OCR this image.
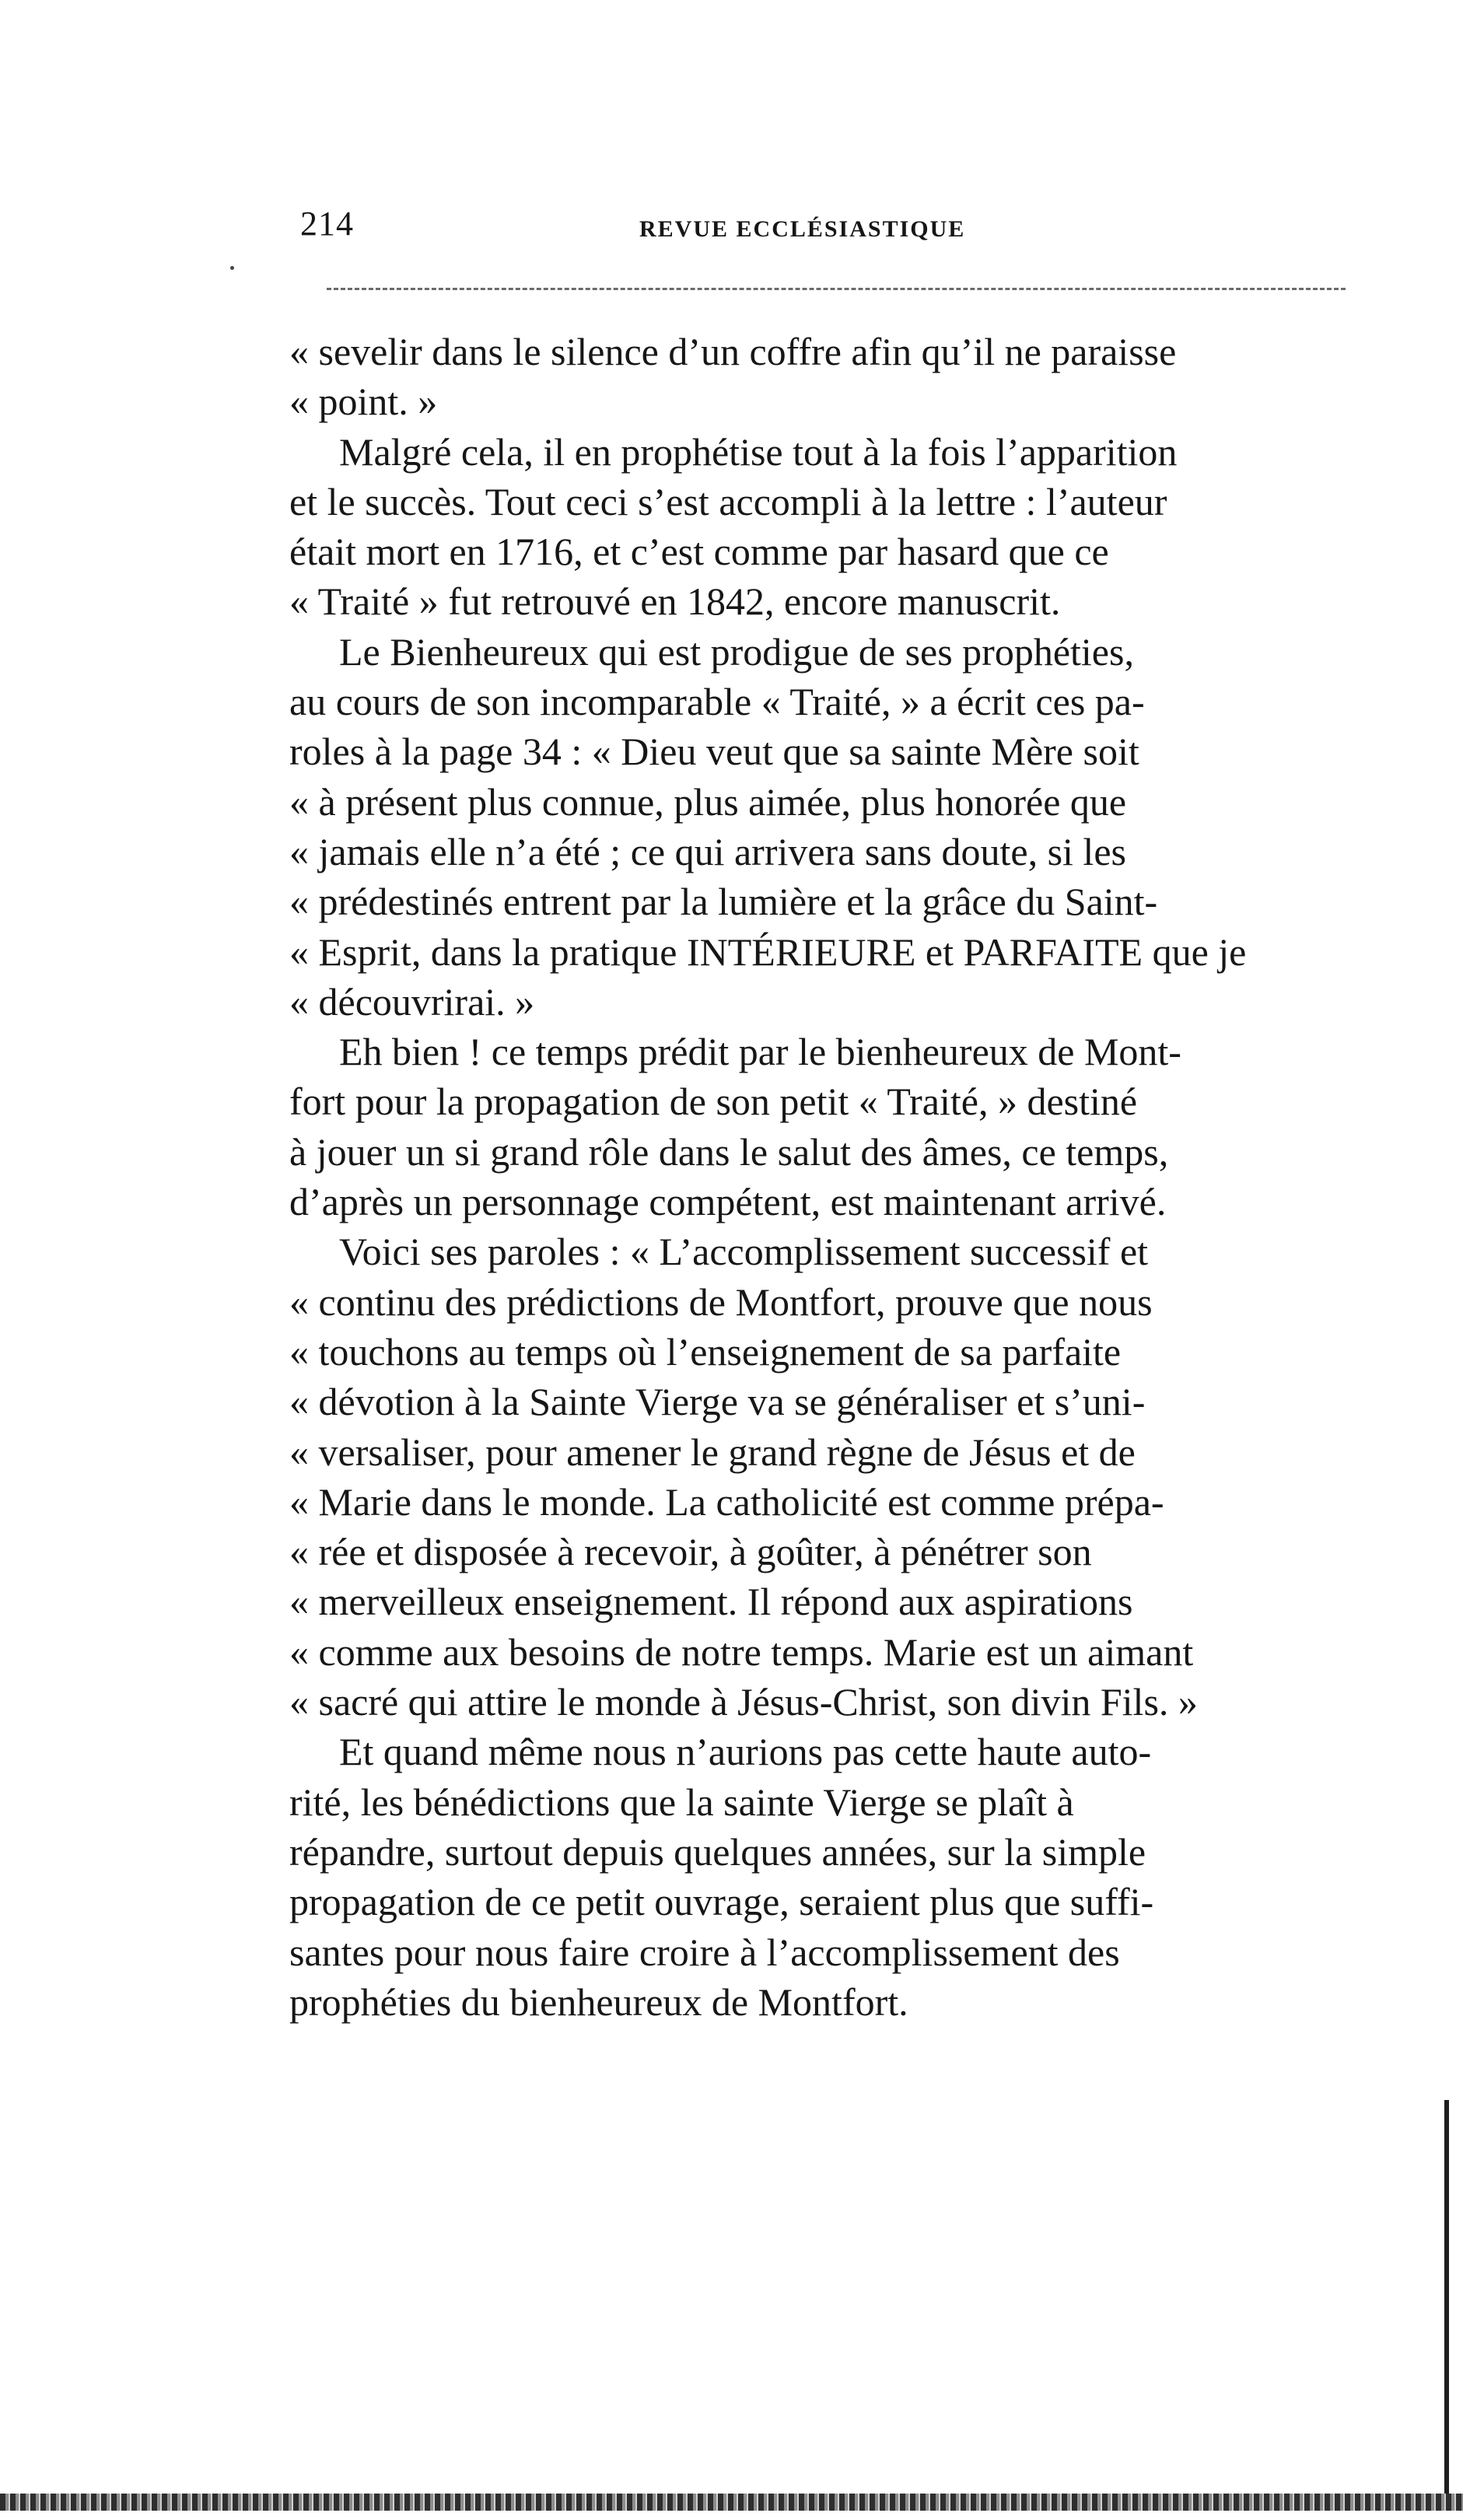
214	REVUE ECCLÉSIASTIQUE

« sevelir dans le silence d’un coffre afin qu’il ne paraisse
« point. »

Malgré cela, il en prophétise tout à la fois l’apparition
et le succès. Tout ceci s’est accompli à la lettre : l’auteur
était mort en 1716, et c’est comme par hasard que ce
« Traité » fut retrouvé en 1842, encore manuscrit.

Le Bienheureux qui est prodigue de ses prophéties,
au cours de son incomparable « Traité, » a écrit ces pa-
roles à la page 34 : « Dieu veut que sa sainte Mère soit
« à présent plus connue, plus aimée, plus honorée que
« jamais elle n’a été ; ce qui arrivera sans doute, si les
« prédestinés entrent par la lumière et la grâce du Saint-
« Esprit, dans la pratique INTÉRIEURE et PARFAITE que je
« découvrirai. »

Eh bien ! ce temps prédit par le bienheureux de Mont-
fort pour la propagation de son petit « Traité, » destiné
à jouer un si grand rôle dans le salut des âmes, ce temps,
d’après un personnage compétent, est maintenant arrivé.

Voici ses paroles : « L’accomplissement successif et
« continu des prédictions de Montfort, prouve que nous
« touchons au temps où l’enseignement de sa parfaite
« dévotion à la Sainte Vierge va se généraliser et s’uni-
« versaliser, pour amener le grand règne de Jésus et de
« Marie dans le monde. La catholicité est comme prépa-
« rée et disposée à recevoir, à goûter, à pénétrer son
« merveilleux enseignement. Il répond aux aspirations
« comme aux besoins de notre temps. Marie est un aimant
« sacré qui attire le monde à Jésus-Christ, son divin Fils. »

Et quand même nous n’aurions pas cette haute auto-
rité, les bénédictions que la sainte Vierge se plaît à
répandre, surtout depuis quelques années, sur la simple
propagation de ce petit ouvrage, seraient plus que suffi-
santes pour nous faire croire à l’accomplissement des
prophéties du bienheureux de Montfort.
